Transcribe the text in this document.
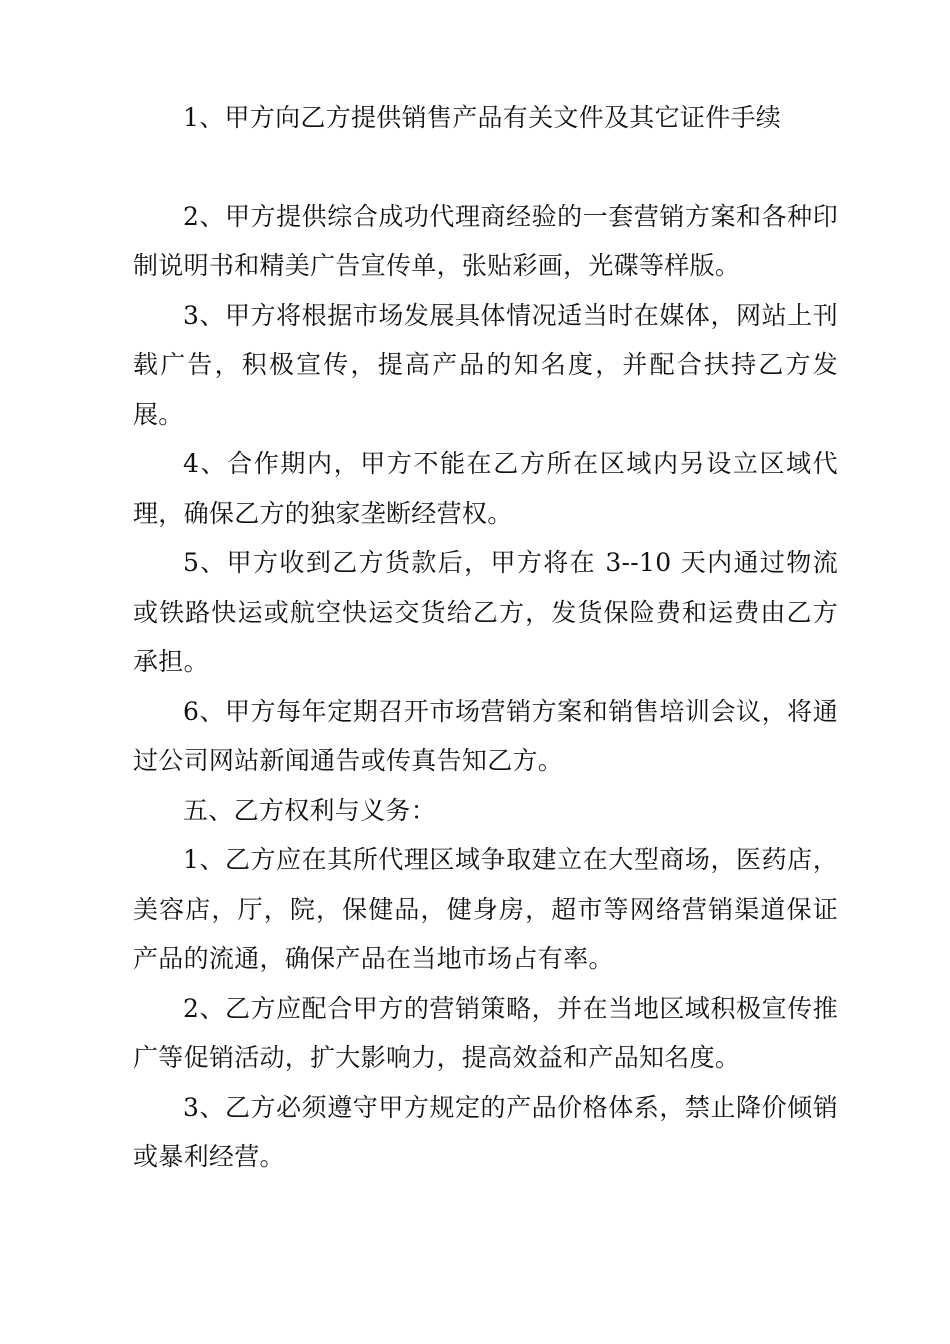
1、甲方向乙方提供销售产品有关文件及其它证件手续

2、甲方提供综合成功代理商经验的一套营销方案和各种印制说明书和精美广告宣传单，张贴彩画，光碟等样版。

3、甲方将根据市场发展具体情况适当时在媒体，网站上刊载广告，积极宣传，提高产品的知名度，并配合扶持乙方发展。

4、合作期内，甲方不能在乙方所在区域内另设立区域代理，确保乙方的独家垄断经营权。

5、甲方收到乙方货款后，甲方将在 3--10 天内通过物流或铁路快运或航空快运交货给乙方，发货保险费和运费由乙方承担。

6、甲方每年定期召开市场营销方案和销售培训会议，将通过公司网站新闻通告或传真告知乙方。

五、乙方权利与义务：

1、乙方应在其所代理区域争取建立在大型商场，医药店，美容店，厅，院，保健品，健身房，超市等网络营销渠道保证产品的流通，确保产品在当地市场占有率。

2、乙方应配合甲方的营销策略，并在当地区域积极宣传推广等促销活动，扩大影响力，提高效益和产品知名度。

3、乙方必须遵守甲方规定的产品价格体系，禁止降价倾销或暴利经营。
